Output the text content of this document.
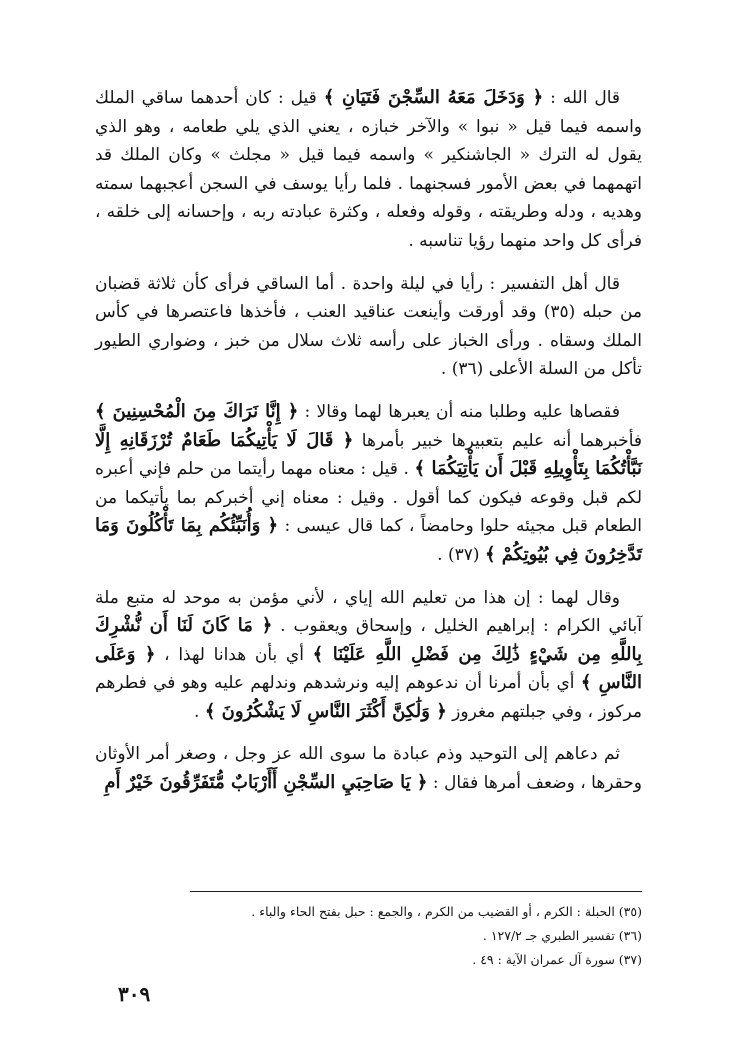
قال الله : ﴿ وَدَخَلَ مَعَهُ السِّجْنَ فَتَيَانِ ﴾ قيل : كان أحدهما ساقي الملك واسمه فيما قيل « نبوا » والآخر خبازه ، يعني الذي يلي طعامه ، وهو الذي يقول له الترك « الجاشنكير » واسمه فيما قيل « مجلث » وكان الملك قد اتهمهما في بعض الأمور فسجنهما . فلما رأيا يوسف في السجن أعجبهما سمته وهديه ، ودله وطريقته ، وقوله وفعله ، وكثرة عبادته ربه ، وإحسانه إلى خلقه ، فرأى كل واحد منهما رؤيا تناسبه .

قال أهل التفسير : رأيا في ليلة واحدة . أما الساقي فرأى كأن ثلاثة قضبان من حبله (٣٥) وقد أورقت وأينعت عناقيد العنب ، فأخذها فاعتصرها في كأس الملك وسقاه . ورأى الخباز على رأسه ثلاث سلال من خبز ، وضواري الطيور تأكل من السلة الأعلى (٣٦) .

فقصاها عليه وطلبا منه أن يعبرها لهما وقالا : ﴿ إِنَّا نَرَاكَ مِنَ الْمُحْسِنِينَ ﴾ فأخبرهما أنه عليم بتعبيرها خبير بأمرها ﴿ قَالَ لَا يَأْتِيكُمَا طَعَامٌ تُرْزَقَانِهِ إِلَّا نَبَّأْتُكُمَا بِتَأْوِيلِهِ قَبْلَ أَن يَأْتِيَكُمَا ﴾ . قيل : معناه مهما رأيتما من حلم فإني أعبره لكم قبل وقوعه فيكون كما أقول . وقيل : معناه إني أخبركم بما يأتيكما من الطعام قبل مجيئه حلوا وحامضاً ، كما قال عيسى : ﴿ وَأُنَبِّئُكُم بِمَا تَأْكُلُونَ وَمَا تَدَّخِرُونَ فِي بُيُوتِكُمْ ﴾ (٣٧) .

وقال لهما : إن هذا من تعليم الله إياي ، لأني مؤمن به موحد له متبع ملة آبائي الكرام : إبراهيم الخليل ، وإسحاق ويعقوب . ﴿ مَا كَانَ لَنَا أَن نُّشْرِكَ بِاللَّهِ مِن شَيْءٍ ذَٰلِكَ مِن فَضْلِ اللَّهِ عَلَيْنَا ﴾ أي بأن هدانا لهذا ، ﴿ وَعَلَى النَّاسِ ﴾ أي بأن أمرنا أن ندعوهم إليه ونرشدهم وندلهم عليه وهو في فطرهم مركوز ، وفي جبلتهم مغروز ﴿ وَلَٰكِنَّ أَكْثَرَ النَّاسِ لَا يَشْكُرُونَ ﴾ .

ثم دعاهم إلى التوحيد وذم عبادة ما سوى الله عز وجل ، وصغر أمر الأوثان وحقرها ، وضعف أمرها فقال : ﴿ يَا صَاحِبَيِ السِّجْنِ أَأَرْبَابٌ مُّتَفَرِّقُونَ خَيْرٌ أَمِ

(٣٥) الحبلة : الكرم ، أو القضيب من الكرم ، والجمع : حبل بفتح الحاء والباء .

(٣٦) تفسير الطبري جـ ١٢٧/٢ .

(٣٧) سورة آل عمران الآية : ٤٩ .

٣٠٩
